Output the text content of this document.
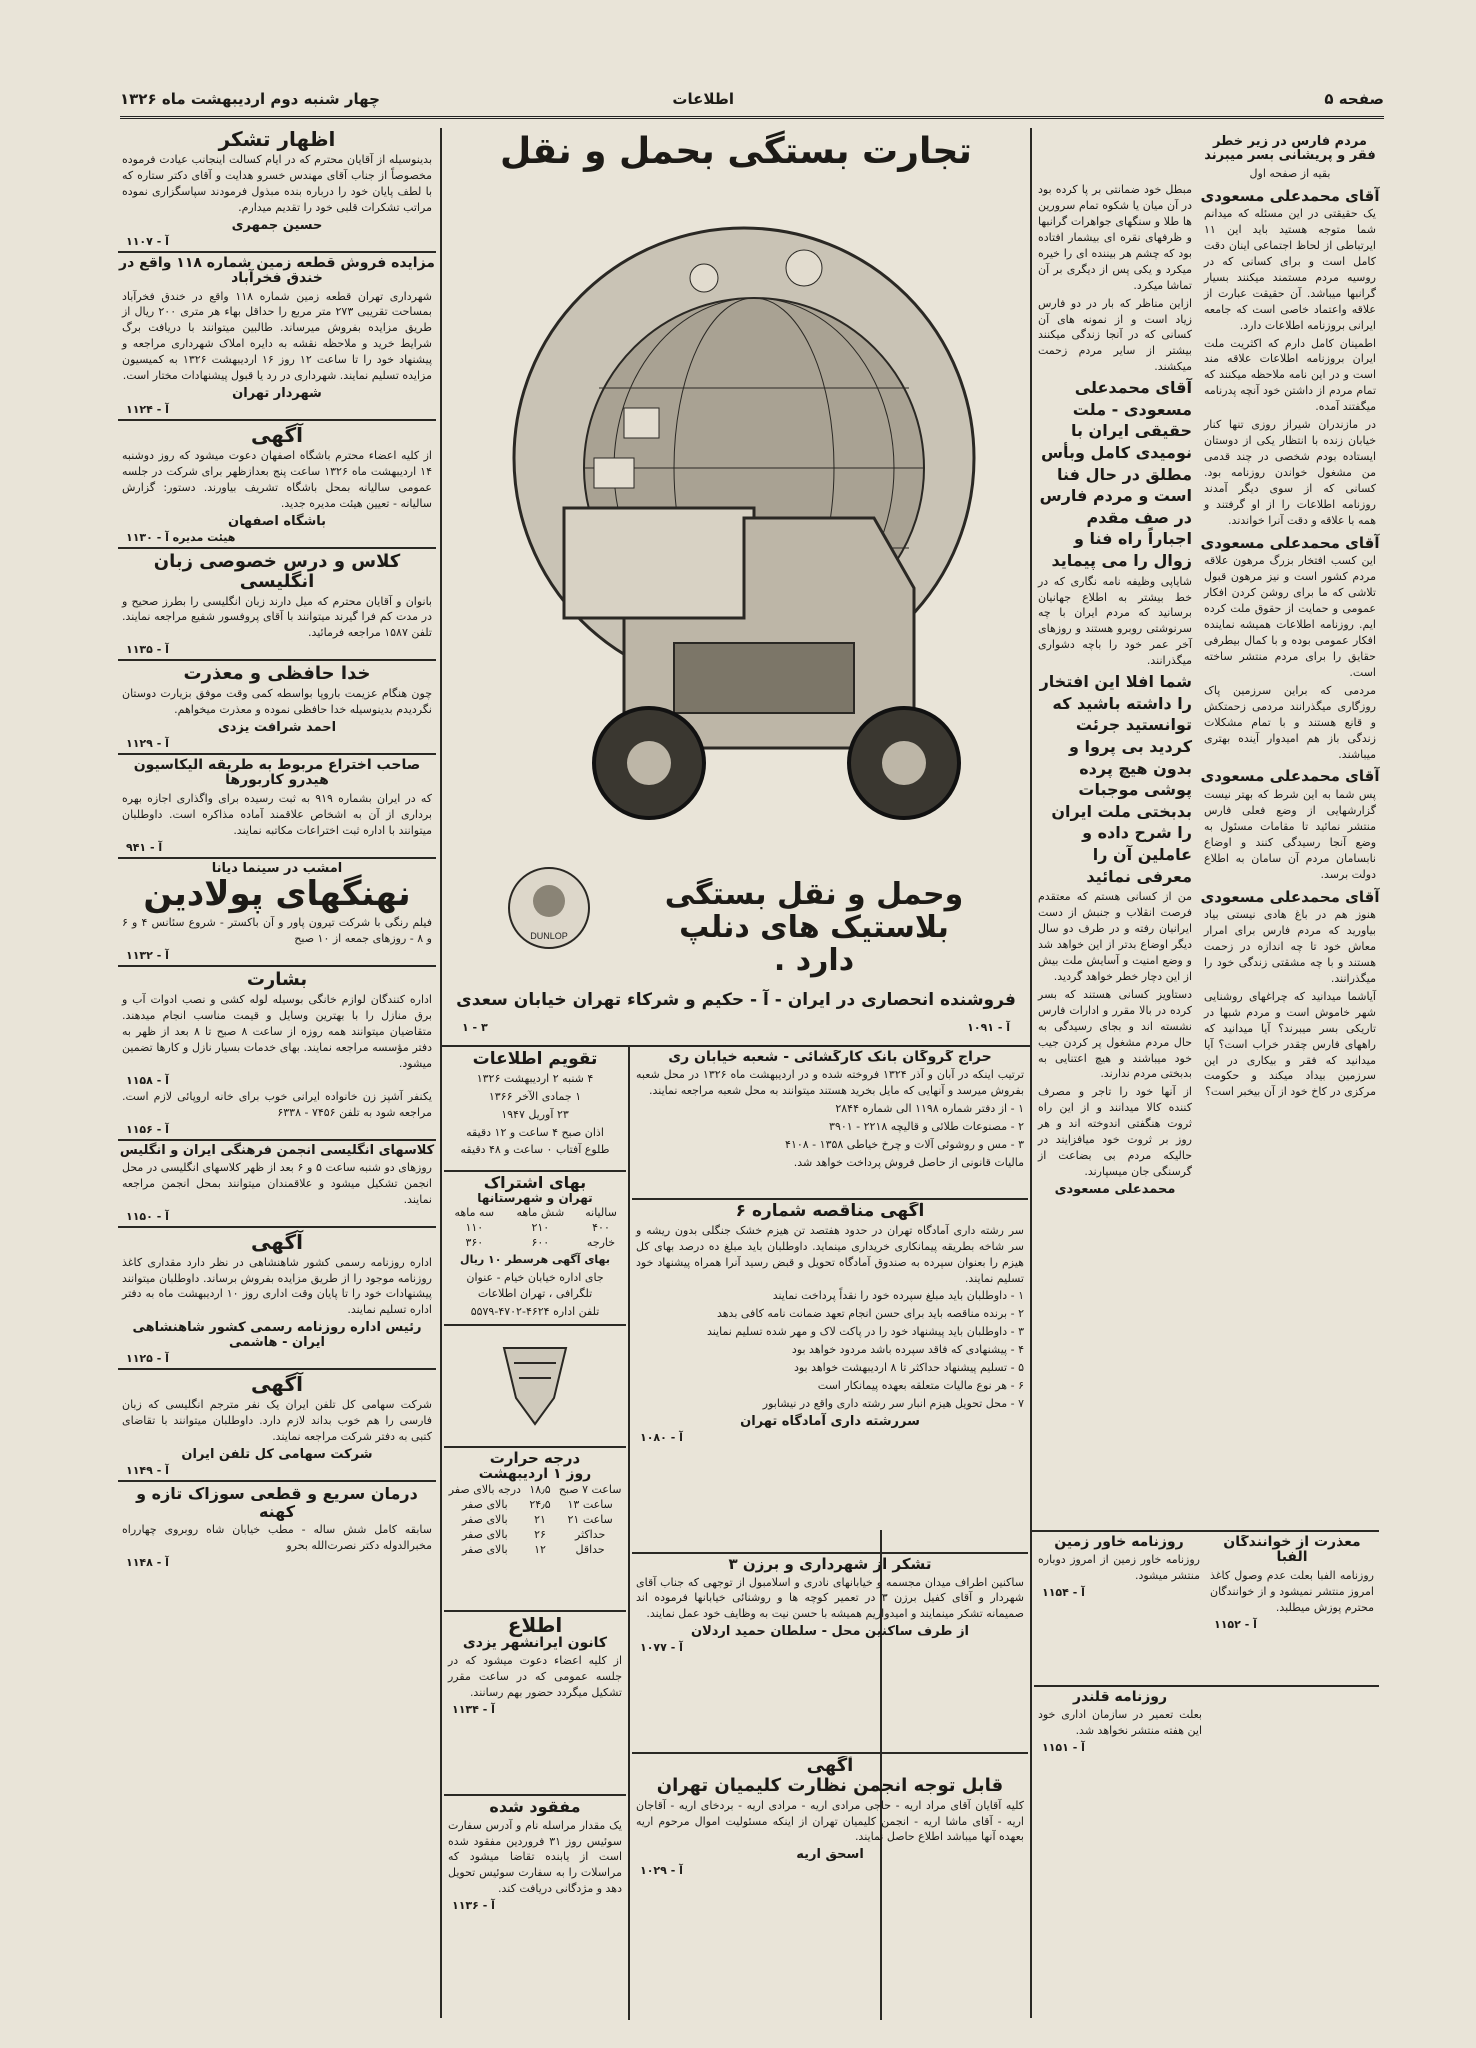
صفحه ۵
اطلاعات
چهار شنبه دوم اردیبهشت ماه ۱۳۲۶

مردم فارس در زیر خطر فقر و پریشانی بسر میبرند

بقیه از صفحه اول

آقای محمدعلی مسعودی

یک حقیقتی در این مسئله که میدانم شما متوجه هستید باید این ۱۱ ایرتباطی از لحاظ اجتماعی اینان دقت کامل است و برای کسانی که در روسیه مردم مستمند میکنند بسیار گرانبها میباشد. آن حقیقت عبارت از علاقه واعتماد خاصی است که جامعه ایرانی بروزنامه اطلاعات دارد.

اطمینان کامل دارم که اکثریت ملت ایران بروزنامه اطلاعات علاقه مند است و در این نامه ملاحظه میکنند که تمام مردم از داشتن خود آنچه پدرنامه میگفتند آمده.

در مازندران شیراز روزی تنها کنار خیابان زنده با انتظار یکی از دوستان ایستاده بودم شخصی در چند قدمی من مشغول خواندن روزنامه بود. کسانی که از سوی دیگر آمدند روزنامه اطلاعات را از او گرفتند و همه با علاقه و دقت آنرا خواندند.

آقای محمدعلی مسعودی

این کسب افتخار بزرگ مرهون علاقه مردم کشور است و نیز مرهون قبول تلاشی که ما برای روشن کردن افکار عمومی و حمایت از حقوق ملت کرده ایم. روزنامه اطلاعات همیشه نماینده افکار عمومی بوده و با کمال بیطرفی حقایق را برای مردم منتشر ساخته است.

مردمی که براین سرزمین پاک روزگاری میگذرانند مردمی زحمتکش و قانع هستند و با تمام مشکلات زندگی باز هم امیدوار آینده بهتری میباشند.

آقای محمدعلی مسعودی

پس شما به این شرط که بهتر نیست گزارشهایی از وضع فعلی فارس منتشر نمائید تا مقامات مسئول به وضع آنجا رسیدگی کنند و اوضاع نابسامان مردم آن سامان به اطلاع دولت برسد.

آقای محمدعلی مسعودی

هنوز هم در باغ هادی نیستی بیاد بیاورید که مردم فارس برای امرار معاش خود تا چه اندازه در زحمت هستند و با چه مشقتی زندگی خود را میگذرانند.

آیاشما میدانید که چراغهای روشنایی شهر خاموش است و مردم شبها در تاریکی بسر میبرند؟ آیا میدانید که راههای فارس چقدر خراب است؟ آیا میدانید که فقر و بیکاری در این سرزمین بیداد میکند و حکومت مرکزی در کاخ خود از آن بیخبر است؟

مبطل خود ضمانتی بر پا کرده بود در آن میان یا شکوه تمام سرورین ها طلا و سنگهای جواهرات گرانبها و ظرفهای نقره ای بیشمار افتاده بود که چشم هر بیننده ای را خیره میکرد و یکی پس از دیگری بر آن تماشا میکرد.

ازاین مناظر که بار در دو فارس زیاد است و از نمونه های آن کسانی که در آنجا زندگی میکنند بیشتر از سایر مردم زحمت میکشند.

آقای محمدعلی مسعودی - ملت حقیقی ایران با نومیدی کامل وبأس مطلق در حال فنا است و مردم فارس در صف مقدم اجباراً راه فنا و زوال را می پیماید

شایاپی وظیفه نامه نگاری که در خط بیشتر به اطلاع جهانیان برسانید که مردم ایران با چه سرنوشتی روبرو هستند و روزهای آخر عمر خود را باچه دشواری میگذرانند.

شما افلا این افتخار را داشته باشید که توانستید جرئت کردید بی پروا و بدون هیچ پرده پوشی موجبات بدبختی ملت ایران را شرح داده و عاملین آن را معرفی نمائید

من از کسانی هستم که معتقدم فرصت انقلاب و جنبش از دست ایرانیان رفته و در طرف دو سال دیگر اوضاع بدتر از این خواهد شد و وضع امنیت و آسایش ملت بیش از این دچار خطر خواهد گردید.

دستاویز کسانی هستند که بسر کرده در بالا مقرر و ادارات فارس نشسته اند و بجای رسیدگی به حال مردم مشغول پر کردن جیب خود میباشند و هیچ اعتنایی به بدبختی مردم ندارند.

از آنها خود را تاجر و مصرف کننده کالا میدانند و از این راه ثروت هنگفتی اندوخته اند و هر روز بر ثروت خود میافزایند در حالیکه مردم بی بضاعت از گرسنگی جان میسپارند.

محمدعلی مسعودی

معذرت از خوانندگان الفبا

روزنامه الفبا بعلت عدم وصول کاغذ امروز منتشر نمیشود و از خوانندگان محترم پوزش میطلبد.

آ - ۱۱۵۲

روزنامه خاور زمین

روزنامه خاور زمین از امروز دوباره منتشر میشود.

آ - ۱۱۵۴

روزنامه قلندر

بعلت تعمیر در سازمان اداری خود این هفته منتشر نخواهد شد.

آ - ۱۱۵۱

تجارت بستگی بحمل و نقل

DUNLOP

وحمل و نقل بستگی

بلاستیک های دنلپ

دارد .

فروشنده انحصاری در ایران - آ - حکیم و شرکاء تهران خیابان سعدی

۱ - ۳	آ - ۱۰۹۱

حراج گروگان بانک کارگشائی - شعبه خیابان ری

ترتیب اینکه در آبان و آذر ۱۳۲۴ فروخته شده و در اردیبهشت ماه ۱۳۲۶ در محل شعبه بفروش میرسد و آنهایی که مایل بخرید هستند میتوانند به محل شعبه مراجعه نمایند.

۱ - از دفتر شماره ۱۱۹۸ الی شماره ۲۸۴۴

۲ - مصنوعات طلائی و قالیچه ۲۲۱۸ - ۳۹۰۱

۳ - مس و روشوئی آلات و چرخ خیاطی ۱۳۵۸ - ۴۱۰۸

مالیات قانونی از حاصل فروش پرداخت خواهد شد.

آگهی مناقصه شماره ۶

سر رشته داری آمادگاه تهران در حدود هفتصد تن هیزم خشک جنگلی بدون ریشه و سر شاخه بطریقه پیمانکاری خریداری مینماید. داوطلبان باید مبلغ ده درصد بهای کل هیزم را بعنوان سپرده به صندوق آمادگاه تحویل و قبض رسید آنرا همراه پیشنهاد خود تسلیم نمایند.

۱ - داوطلبان باید مبلغ سپرده خود را نقداً پرداخت نمایند

۲ - برنده مناقصه باید برای حسن انجام تعهد ضمانت نامه کافی بدهد

۳ - داوطلبان باید پیشنهاد خود را در پاکت لاک و مهر شده تسلیم نمایند

۴ - پیشنهادی که فاقد سپرده باشد مردود خواهد بود

۵ - تسلیم پیشنهاد حداکثر تا ۸ اردیبهشت خواهد بود

۶ - هر نوع مالیات متعلقه بعهده پیمانکار است

۷ - محل تحویل هیزم انبار سر رشته داری واقع در نیشابور

سررشته داری آمادگاه تهران

آ - ۱۰۸۰

تشکر از شهرداری و برزن ۳

ساکنین اطراف میدان مجسمه و خیابانهای نادری و اسلامبول از توجهی که جناب آقای شهردار و آقای کفیل برزن ۳ در تعمیر کوچه ها و روشنائی خیابانها فرموده اند صمیمانه تشکر مینمایند و امیدواریم همیشه با حسن نیت به وظایف خود عمل نمایند.

از طرف ساکنین محل - سلطان حمید اردلان

آ - ۱۰۷۷

آگهی

قابل توجه انجمن نظارت کلیمیان تهران

کلیه آقایان آقای مراد اریه - حاجی مرادی اریه - مرادی اریه - بردخای اریه - آقاجان اریه - آقای ماشا اریه - انجمن کلیمیان تهران از اینکه مسئولیت اموال مرحوم اریه بعهده آنها میباشد اطلاع حاصل نمایند.

اسحق اریه

آ - ۱۰۲۹

تقویم اطلاعات

۴ شنبه ۲ اردیبهشت ۱۳۲۶

۱ جمادی الآخر ۱۳۶۶

۲۳ آوریل ۱۹۴۷

اذان صبح ۴ ساعت و ۱۲ دقیقه

طلوع آفتاب ۰ ساعت و ۴۸ دقیقه

بهای اشتراک

تهران و شهرستانها

سالیانه	شش ماهه	سه ماهه
۴۰۰	۲۱۰	۱۱۰
خارجه	۶۰۰	۳۶۰

بهای آگهی هرسطر ۱۰ ریال

جای اداره خیابان خیام - عنوان تلگرافی ، تهران اطلاعات

تلفن اداره ۴۶۲۴-۴۷۰۲-۵۵۷۹

درجه حرارت

روز ۱ اردیبهشت

ساعت ۷ صبح	۱۸٫۵	درجه بالای صفر
ساعت ۱۳	۲۴٫۵	بالای صفر
ساعت ۲۱	۲۱	بالای صفر
حداکثر	۲۶	بالای صفر
حداقل	۱۲	بالای صفر

اطلاع

کانون ایرانشهر یزدی

از کلیه اعضاء دعوت میشود که در جلسه عمومی که در ساعت مقرر تشکیل میگردد حضور بهم رسانند.

آ - ۱۱۳۴

مفقود شده

یک مقدار مراسله نام و آدرس سفارت سوئیس روز ۳۱ فروردین مفقود شده است از یابنده تقاضا میشود که مراسلات را به سفارت سوئیس تحویل دهد و مژدگانی دریافت کند.

آ - ۱۱۳۶

اظهار تشکر

بدینوسیله از آقایان محترم که در ایام کسالت اینجانب عیادت فرموده مخصوصاً از جناب آقای مهندس خسرو هدایت و آقای دکتر ستاره که با لطف پایان خود را درباره بنده مبذول فرمودند سپاسگزاری نموده مراتب تشکرات قلبی خود را تقدیم میدارم.

حسین جمهری

آ - ۱۱۰۷

مزایده فروش قطعه زمین شماره ۱۱۸ واقع در خندق فخرآباد

شهرداری تهران قطعه زمین شماره ۱۱۸ واقع در خندق فخرآباد بمساحت تقریبی ۲۷۳ متر مربع را حداقل بهاء هر متری ۲۰۰ ریال از طریق مزایده بفروش میرساند. طالبین میتوانند با دریافت برگ شرایط خرید و ملاحظه نقشه به دایره املاک شهرداری مراجعه و پیشنهاد خود را تا ساعت ۱۲ روز ۱۶ اردیبهشت ۱۳۲۶ به کمیسیون مزایده تسلیم نمایند. شهرداری در رد یا قبول پیشنهادات مختار است.

شهردار تهران

آ - ۱۱۲۴

آگهی

از کلیه اعضاء محترم باشگاه اصفهان دعوت میشود که روز دوشنبه ۱۴ اردیبهشت ماه ۱۳۲۶ ساعت پنج بعدازظهر برای شرکت در جلسه عمومی سالیانه بمحل باشگاه تشریف بیاورند. دستور: گزارش سالیانه - تعیین هیئت مدیره جدید.

باشگاه اصفهان

هیئت مدیره آ - ۱۱۳۰

کلاس و درس خصوصی زبان انگلیسی

بانوان و آقایان محترم که میل دارند زبان انگلیسی را بطرز صحیح و در مدت کم فرا گیرند میتوانند با آقای پروفسور شفیع مراجعه نمایند. تلفن ۱۵۸۷ مراجعه فرمائید.

آ - ۱۱۳۵

خدا حافظی و معذرت

چون هنگام عزیمت باروپا بواسطه کمی وقت موفق بزیارت دوستان نگردیدم بدینوسیله خدا حافظی نموده و معذرت میخواهم.

احمد شرافت یزدی

آ - ۱۱۲۹

صاحب اختراع مربوط به طریقه الیکاسیون هیدرو کاربورها

که در ایران بشماره ۹۱۹ به ثبت رسیده برای واگذاری اجازه بهره برداری از آن به اشخاص علاقمند آماده مذاکره است. داوطلبان میتوانند با اداره ثبت اختراعات مکاتبه نمایند.

آ - ۹۴۱

امشب در سینما دیانا

نهنگهای پولادین

فیلم رنگی با شرکت تیرون پاور و آن باکستر - شروع سئانس ۴ و ۶ و ۸ - روزهای جمعه از ۱۰ صبح

آ - ۱۱۳۲

بشارت

اداره کنندگان لوازم خانگی بوسیله لوله کشی و نصب ادوات آب و برق منازل را با بهترین وسایل و قیمت مناسب انجام میدهند. متقاضیان میتوانند همه روزه از ساعت ۸ صبح تا ۸ بعد از ظهر به دفتر مؤسسه مراجعه نمایند. بهای خدمات بسیار نازل و کارها تضمین میشود.

آ - ۱۱۵۸

یکنفر آشپز زن خانواده ایرانی خوب برای خانه اروپائی لازم است. مراجعه شود به تلفن ۷۴۵۶ - ۶۳۳۸

آ - ۱۱۵۶

کلاسهای انگلیسی انجمن فرهنگی ایران و انگلیس

روزهای دو شنبه ساعت ۵ و ۶ بعد از ظهر کلاسهای انگلیسی در محل انجمن تشکیل میشود و علاقمندان میتوانند بمحل انجمن مراجعه نمایند.

آ - ۱۱۵۰

آگهی

اداره روزنامه رسمی کشور شاهنشاهی در نظر دارد مقداری کاغذ روزنامه موجود را از طریق مزایده بفروش برساند. داوطلبان میتوانند پیشنهادات خود را تا پایان وقت اداری روز ۱۰ اردیبهشت ماه به دفتر اداره تسلیم نمایند.

رئیس اداره روزنامه رسمی کشور شاهنشاهی ایران - هاشمی

آ - ۱۱۲۵

آگهی

شرکت سهامی کل تلفن ایران یک نفر مترجم انگلیسی که زبان فارسی را هم خوب بداند لازم دارد. داوطلبان میتوانند با تقاضای کتبی به دفتر شرکت مراجعه نمایند.

شرکت سهامی کل تلفن ایران

آ - ۱۱۴۹

درمان سریع و قطعی سوزاک تازه و کهنه

سابقه کامل شش ساله - مطب خیابان شاه روبروی چهارراه مخبرالدوله دکتر نصرت‌الله بحرو

آ - ۱۱۴۸
